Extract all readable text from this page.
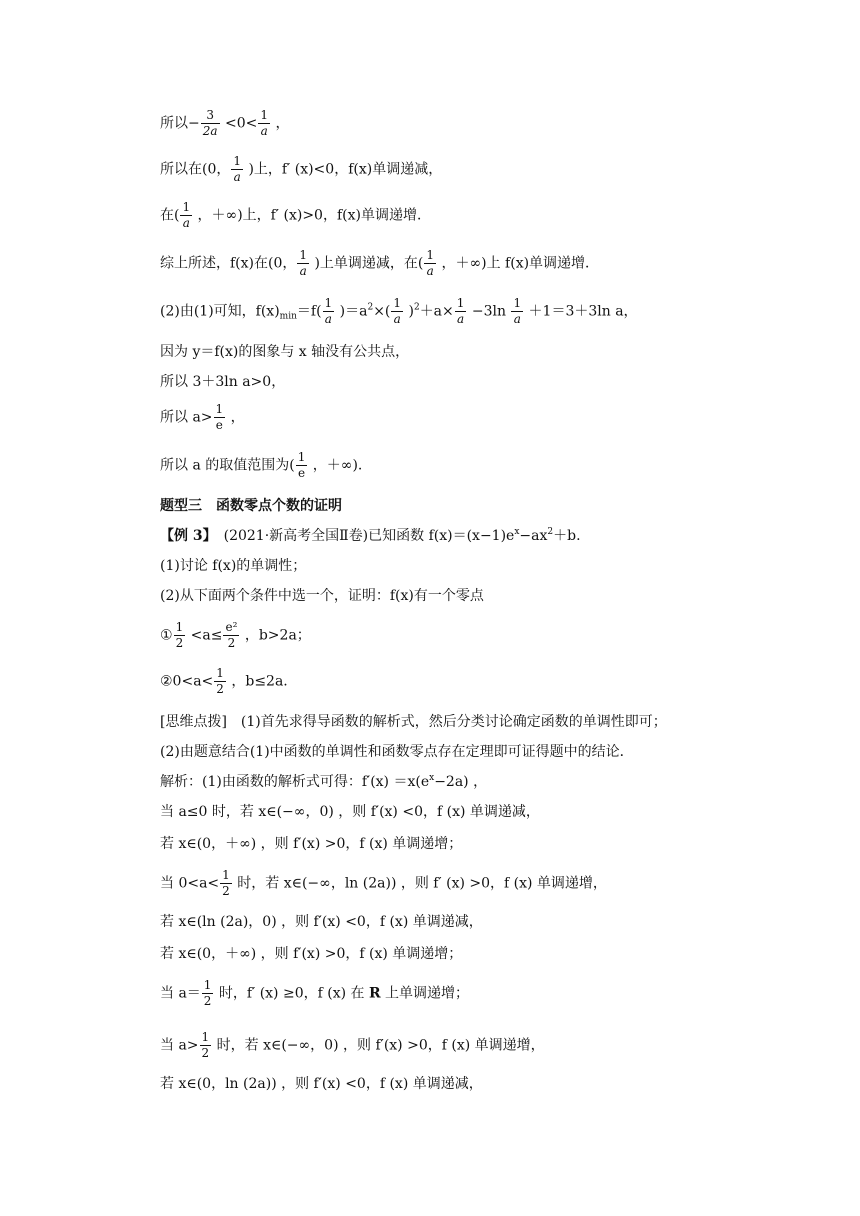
所以− $\frac{3}{2a} <0< \frac{1}{a}$ ，
所以在(0， $\frac{1}{a}$ )上，f′ (x)<0，f(x)单调递减，
在( $\frac{1}{a}$ ，＋∞)上，f′ (x)>0，f(x)单调递增．
综上所述，f(x)在(0， $\frac{1}{a}$ )上单调递减，在( $\frac{1}{a}$ ，＋∞)上 f(x)单调递增．
(2)由(1)可知，$f(x)_{min}=f( \frac{1}{a} )=a^2\times( \frac{1}{a} )^2+a\times \frac{1}{a} -3\ln \frac{1}{a} +1=3+3\ln$ a，
因为 y＝f(x)的图象与 x 轴没有公共点，
所以 3＋3ln a>0，
所以 $a> \frac{1}{e}$ ，
所以 a 的取值范围为( $\frac{1}{e}$ ，＋∞).
题型三　函数零点个数的证明
【例 3】　(2021·新高考全国Ⅱ卷)已知函数 $f(x)=(x-1)e^x-ax^2+b$.
(1)讨论 f(x)的单调性；
(2)从下面两个条件中选一个，证明：f(x)有一个零点
① $\frac{1}{2} <a\le \frac{\text{e²}}{2}$ ，b>2a；
②0<a< $\frac{1}{2}$ ，b≤2a.
[思维点拨]　(1)首先求得导函数的解析式，然后分类讨论确定函数的单调性即可；
(2)由题意结合(1)中函数的单调性和函数零点存在定理即可证得题中的结论．
解析：(1)由函数的解析式可得：$f'(x) =x(e^x-2a)$ ，
当 a≤0 时，若 x∈(−∞，0) ，则 f′(x) <0，f (x) 单调递减，
若 x∈(0，＋∞) ，则 f′(x) >0，f (x) 单调递增；
当 $0<a< \frac{1}{2}$ 时，若 x∈(−∞，ln (2a)) ，则 f′ (x) >0，f (x) 单调递增，
若 x∈(ln (2a)，0) ，则 f′(x) <0，f (x) 单调递减，
若 x∈(0，＋∞) ，则 f′(x) >0，f (x) 单调递增；
当 $a= \frac{1}{2}$ 时，f′ (x) ≥0，f (x) 在 R 上单调递增；
当 $a> \frac{1}{2}$ 时，若 x∈(−∞，0) ，则 f′(x) >0，f (x) 单调递增，
若 x∈(0，ln (2a)) ，则 f′(x) <0，f (x) 单调递减，
